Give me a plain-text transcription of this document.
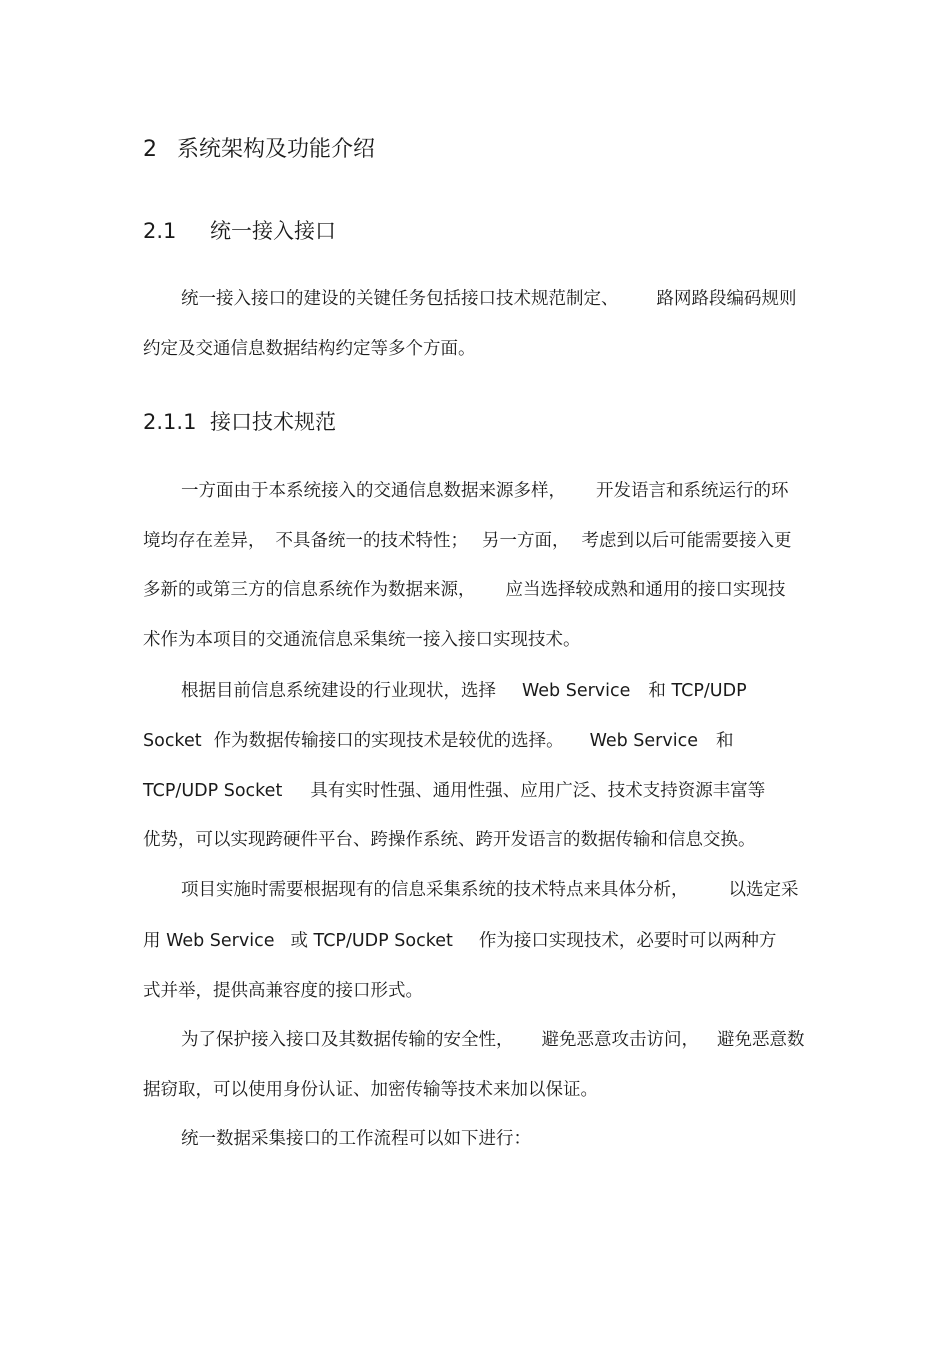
2 系统架构及功能介绍
2.1 统一接入接口
统一接入接口的建设的关键任务包括接口技术规范制定、 路网路段编码规则
约定及交通信息数据结构约定等多个方面。
2.1.1 接口技术规范
一方面由于本系统接入的交通信息数据来源多样， 开发语言和系统运行的环
境均存在差异， 不具备统一的技术特性； 另一方面， 考虑到以后可能需要接入更
多新的或第三方的信息系统作为数据来源， 应当选择较成熟和通用的接口实现技
术作为本项目的交通流信息采集统一接入接口实现技术。
根据目前信息系统建设的行业现状，选择 Web Service 和 TCP/UDP
Socket 作为数据传输接口的实现技术是较优的选择。 Web Service 和
TCP/UDP Socket 具有实时性强、通用性强、应用广泛、技术支持资源丰富等
优势，可以实现跨硬件平台、跨操作系统、跨开发语言的数据传输和信息交换。
项目实施时需要根据现有的信息采集系统的技术特点来具体分析， 以选定采
用 Web Service 或 TCP/UDP Socket 作为接口实现技术，必要时可以两种方
式并举，提供高兼容度的接口形式。
为了保护接入接口及其数据传输的安全性， 避免恶意攻击访问， 避免恶意数
据窃取，可以使用身份认证、加密传输等技术来加以保证。
统一数据采集接口的工作流程可以如下进行：
